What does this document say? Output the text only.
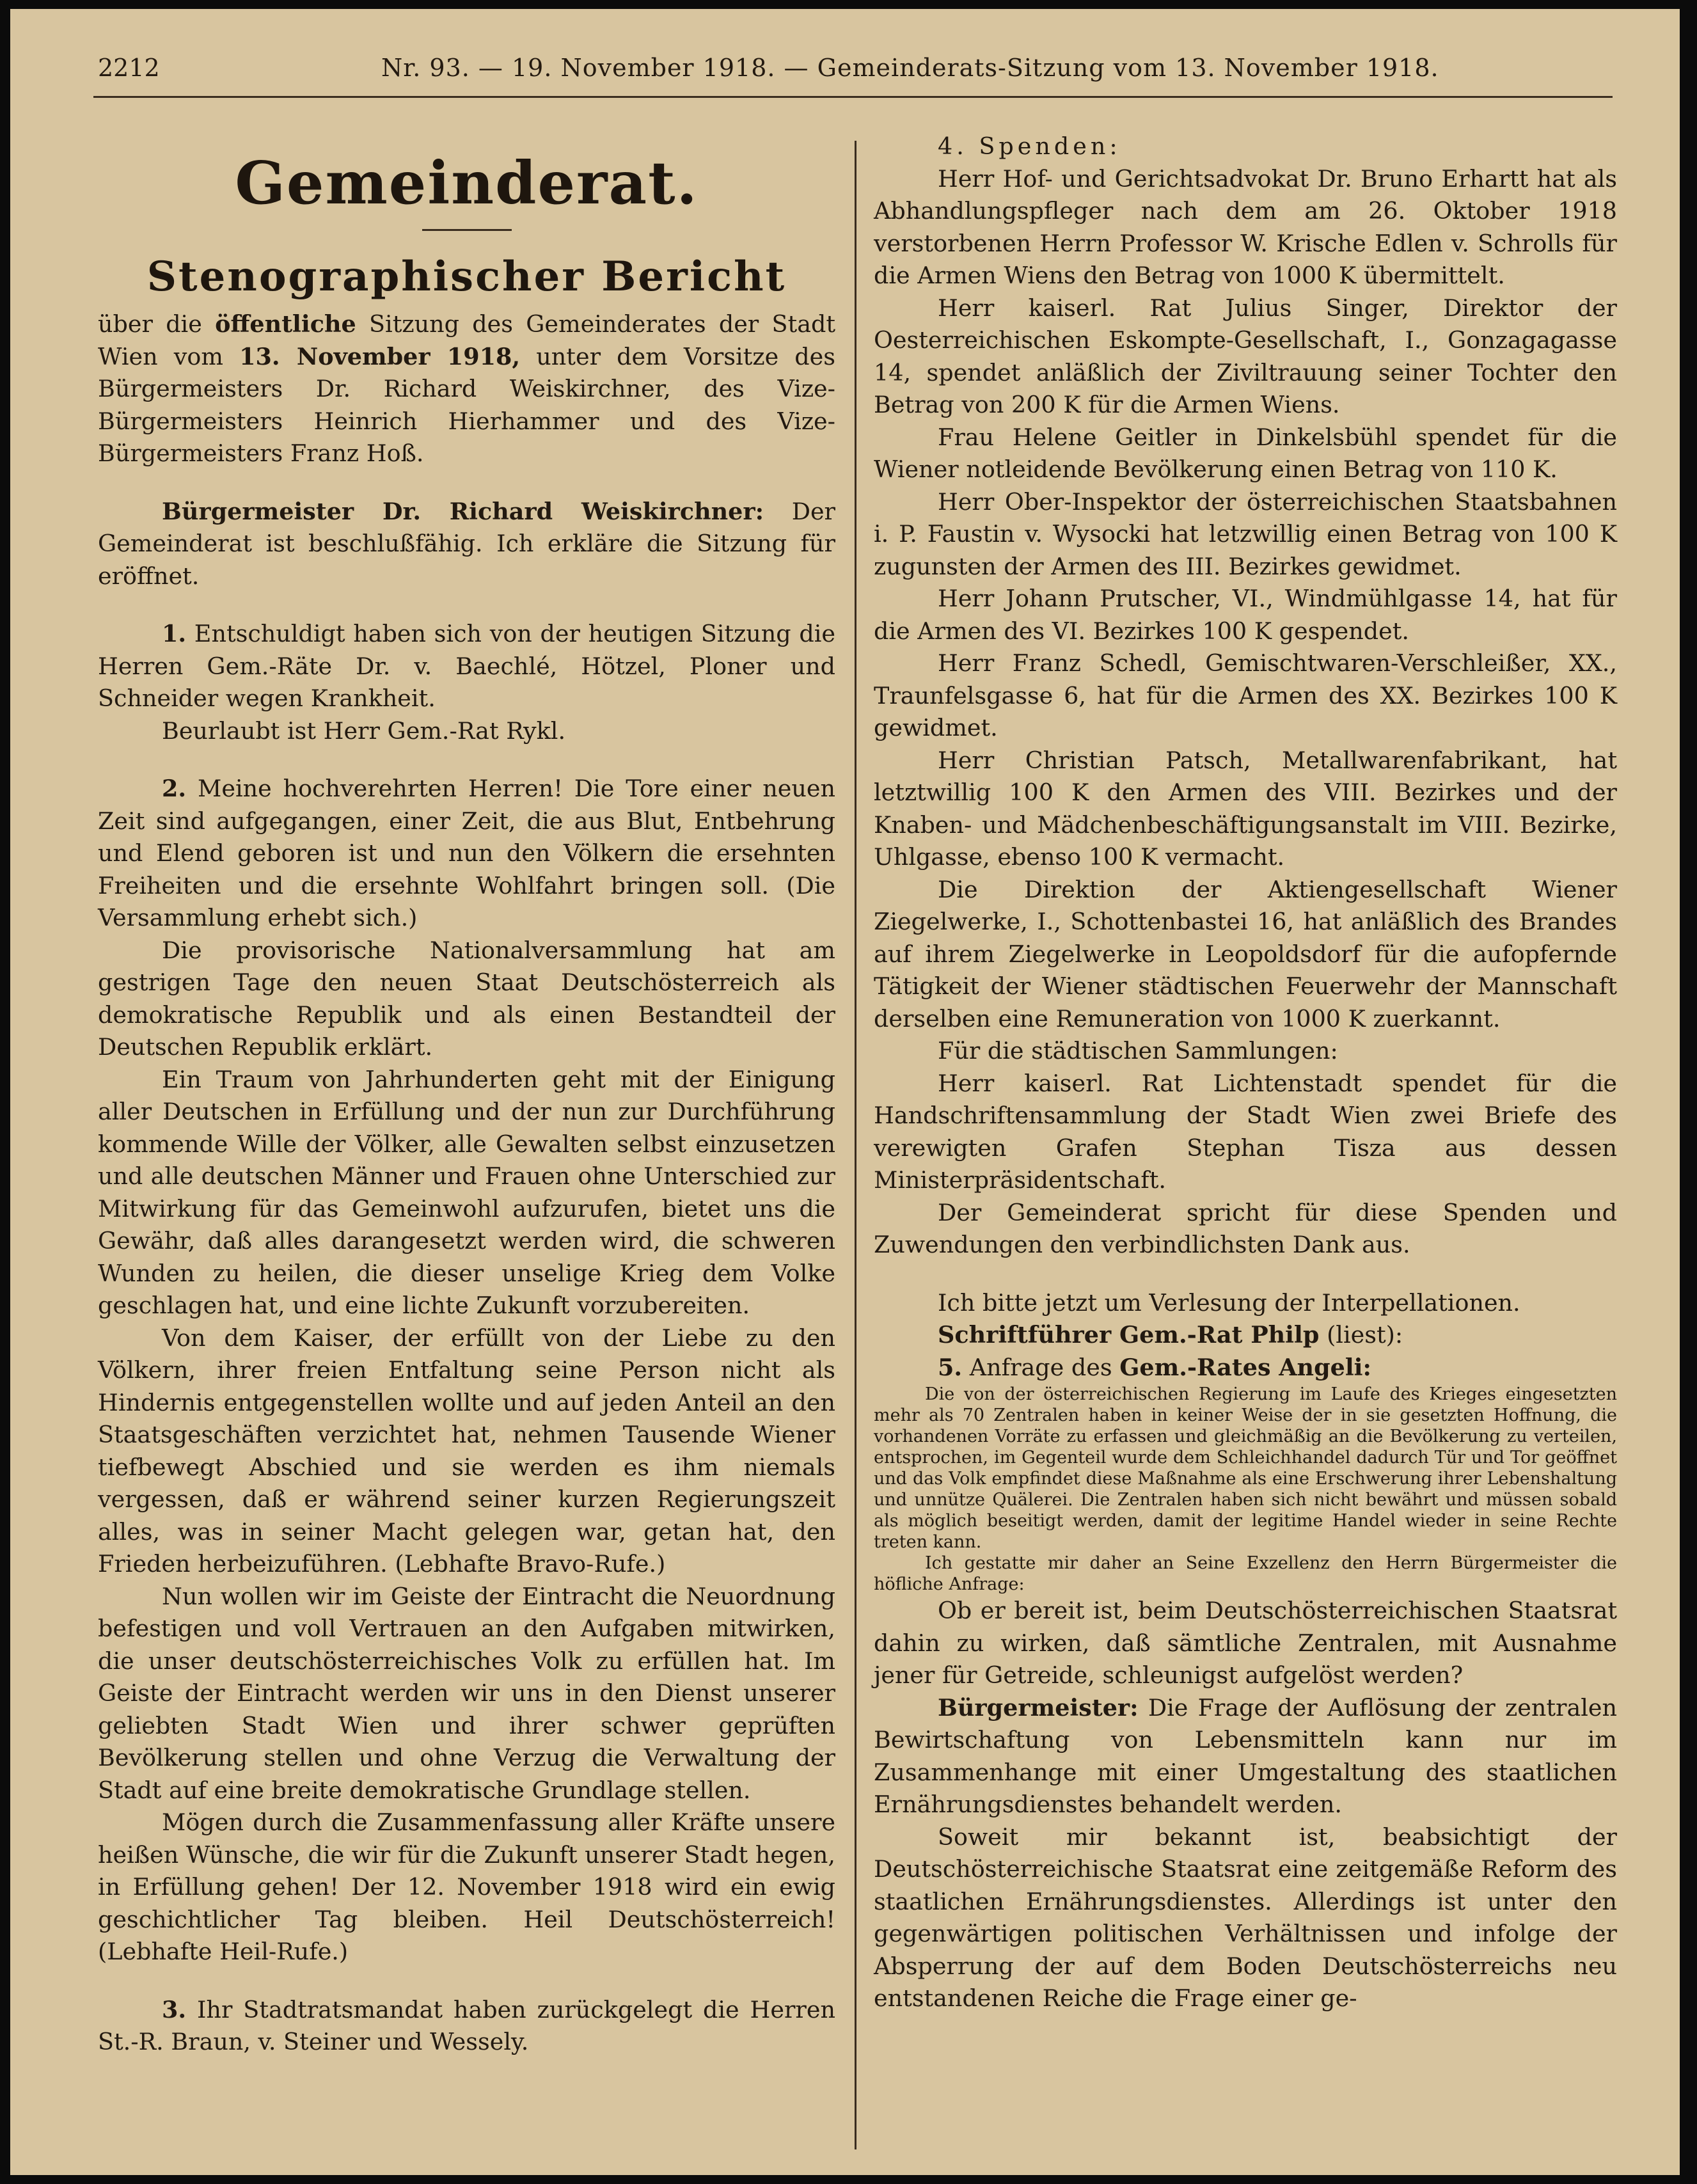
2212	Nr. 93. — 19. November 1918. — Gemeinderats-Sitzung vom 13. November 1918.
Gemeinderat.
Stenographischer Bericht

über die öffentliche Sitzung des Gemeinderates der Stadt Wien vom 13. November 1918, unter dem Vorsitze des Bürgermeisters Dr. Richard Weiskirchner, des Vize-Bürgermeisters Heinrich Hierhammer und des Vize-Bürgermeisters Franz Hoß.

Bürgermeister Dr. Richard Weiskirchner: Der Gemeinderat ist beschlußfähig. Ich erkläre die Sitzung für eröffnet.

1. Entschuldigt haben sich von der heutigen Sitzung die Herren Gem.-Räte Dr. v. Baechlé, Hötzel, Ploner und Schneider wegen Krankheit.

Beurlaubt ist Herr Gem.-Rat Rykl.

2. Meine hochverehrten Herren! Die Tore einer neuen Zeit sind aufgegangen, einer Zeit, die aus Blut, Entbehrung und Elend geboren ist und nun den Völkern die ersehnten Freiheiten und die ersehnte Wohlfahrt bringen soll. (Die Versammlung erhebt sich.)

Die provisorische Nationalversammlung hat am gestrigen Tage den neuen Staat Deutschösterreich als demokratische Republik und als einen Bestandteil der Deutschen Republik erklärt.

Ein Traum von Jahrhunderten geht mit der Einigung aller Deutschen in Erfüllung und der nun zur Durchführung kommende Wille der Völker, alle Gewalten selbst einzusetzen und alle deutschen Männer und Frauen ohne Unterschied zur Mitwirkung für das Gemeinwohl aufzurufen, bietet uns die Gewähr, daß alles darangesetzt werden wird, die schweren Wunden zu heilen, die dieser unselige Krieg dem Volke geschlagen hat, und eine lichte Zukunft vorzubereiten.

Von dem Kaiser, der erfüllt von der Liebe zu den Völkern, ihrer freien Entfaltung seine Person nicht als Hindernis entgegenstellen wollte und auf jeden Anteil an den Staatsgeschäften verzichtet hat, nehmen Tausende Wiener tiefbewegt Abschied und sie werden es ihm niemals vergessen, daß er während seiner kurzen Regierungszeit alles, was in seiner Macht gelegen war, getan hat, den Frieden herbeizuführen. (Lebhafte Bravo-Rufe.)

Nun wollen wir im Geiste der Eintracht die Neuordnung befestigen und voll Vertrauen an den Aufgaben mitwirken, die unser deutschösterreichisches Volk zu erfüllen hat. Im Geiste der Eintracht werden wir uns in den Dienst unserer geliebten Stadt Wien und ihrer schwer geprüften Bevölkerung stellen und ohne Verzug die Verwaltung der Stadt auf eine breite demokratische Grundlage stellen.

Mögen durch die Zusammenfassung aller Kräfte unsere heißen Wünsche, die wir für die Zukunft unserer Stadt hegen, in Erfüllung gehen! Der 12. November 1918 wird ein ewig geschichtlicher Tag bleiben. Heil Deutschösterreich! (Lebhafte Heil-Rufe.)

3. Ihr Stadtratsmandat haben zurückgelegt die Herren St.-R. Braun, v. Steiner und Wessely.

4. Spenden:

Herr Hof- und Gerichtsadvokat Dr. Bruno Erhartt hat als Abhandlungspfleger nach dem am 26. Oktober 1918 verstorbenen Herrn Professor W. Krische Edlen v. Schrolls für die Armen Wiens den Betrag von 1000 K übermittelt.

Herr kaiserl. Rat Julius Singer, Direktor der Oesterreichischen Eskompte-Gesellschaft, I., Gonzagagasse 14, spendet anläßlich der Ziviltrauung seiner Tochter den Betrag von 200 K für die Armen Wiens.

Frau Helene Geitler in Dinkelsbühl spendet für die Wiener notleidende Bevölkerung einen Betrag von 110 K.

Herr Ober-Inspektor der österreichischen Staatsbahnen i. P. Faustin v. Wysocki hat letzwillig einen Betrag von 100 K zugunsten der Armen des III. Bezirkes gewidmet.

Herr Johann Prutscher, VI., Windmühlgasse 14, hat für die Armen des VI. Bezirkes 100 K gespendet.

Herr Franz Schedl, Gemischtwaren-Verschleißer, XX., Traunfelsgasse 6, hat für die Armen des XX. Bezirkes 100 K gewidmet.

Herr Christian Patsch, Metallwarenfabrikant, hat letztwillig 100 K den Armen des VIII. Bezirkes und der Knaben- und Mädchenbeschäftigungsanstalt im VIII. Bezirke, Uhlgasse, ebenso 100 K vermacht.

Die Direktion der Aktiengesellschaft Wiener Ziegelwerke, I., Schottenbastei 16, hat anläßlich des Brandes auf ihrem Ziegelwerke in Leopoldsdorf für die aufopfernde Tätigkeit der Wiener städtischen Feuerwehr der Mannschaft derselben eine Remuneration von 1000 K zuerkannt.

Für die städtischen Sammlungen:

Herr kaiserl. Rat Lichtenstadt spendet für die Handschriftensammlung der Stadt Wien zwei Briefe des verewigten Grafen Stephan Tisza aus dessen Ministerpräsidentschaft.

Der Gemeinderat spricht für diese Spenden und Zuwendungen den verbindlichsten Dank aus.

Ich bitte jetzt um Verlesung der Interpellationen.

Schriftführer Gem.-Rat Philp (liest):

5. Anfrage des Gem.-Rates Angeli:

Die von der österreichischen Regierung im Laufe des Krieges eingesetzten mehr als 70 Zentralen haben in keiner Weise der in sie gesetzten Hoffnung, die vorhandenen Vorräte zu erfassen und gleichmäßig an die Bevölkerung zu verteilen, entsprochen, im Gegenteil wurde dem Schleichhandel dadurch Tür und Tor geöffnet und das Volk empfindet diese Maßnahme als eine Erschwerung ihrer Lebenshaltung und unnütze Quälerei. Die Zentralen haben sich nicht bewährt und müssen sobald als möglich beseitigt werden, damit der legitime Handel wieder in seine Rechte treten kann.

Ich gestatte mir daher an Seine Exzellenz den Herrn Bürgermeister die höfliche Anfrage:

Ob er bereit ist, beim Deutschösterreichischen Staatsrat dahin zu wirken, daß sämtliche Zentralen, mit Ausnahme jener für Getreide, schleunigst aufgelöst werden?

Bürgermeister: Die Frage der Auflösung der zentralen Bewirtschaftung von Lebensmitteln kann nur im Zusammenhange mit einer Umgestaltung des staatlichen Ernährungsdienstes behandelt werden.

Soweit mir bekannt ist, beabsichtigt der Deutschösterreichische Staatsrat eine zeitgemäße Reform des staatlichen Ernährungsdienstes. Allerdings ist unter den gegenwärtigen politischen Verhältnissen und infolge der Absperrung der auf dem Boden Deutschösterreichs neu entstandenen Reiche die Frage einer ge-
